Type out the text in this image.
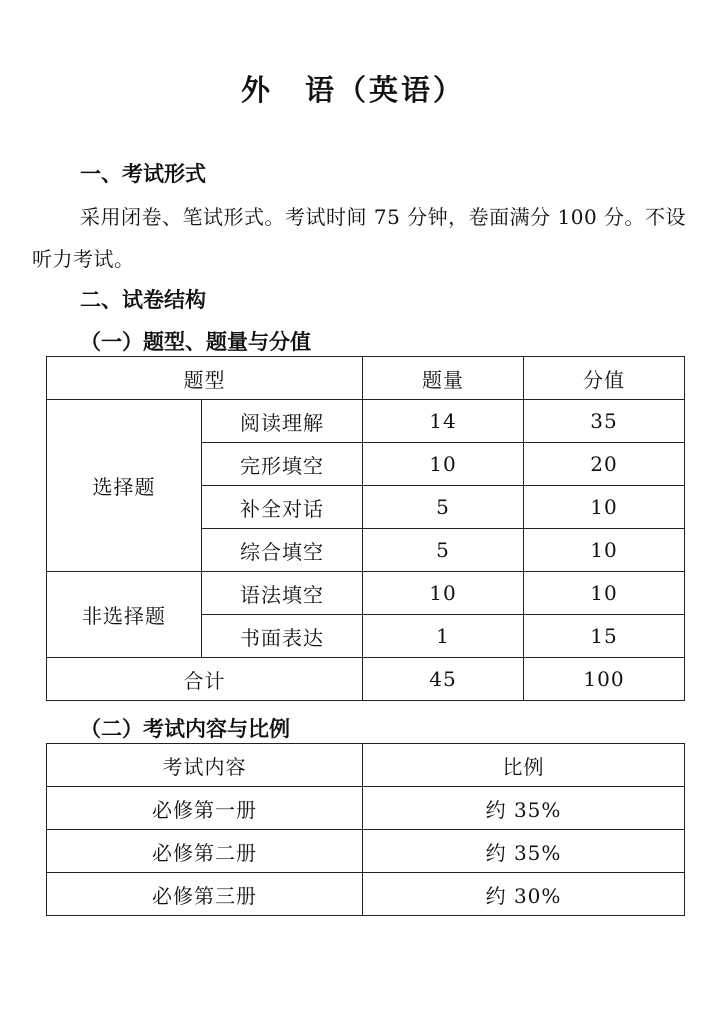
外　语（英语）
一、考试形式

采用闭卷、笔试形式。考试时间 75 分钟，卷面满分 100 分。不设听力考试。

二、试卷结构
（一）题型、题量与分值
题型		题量	分值
选择题	阅读理解	14	35
	完形填空	10	20
	补全对话	5	10
	综合填空	5	10
非选择题	语法填空	10	10
	书面表达	1	15
合计		45	100
（二）考试内容与比例
考试内容	比例
必修第一册	约 35%
必修第二册	约 35%
必修第三册	约 30%
